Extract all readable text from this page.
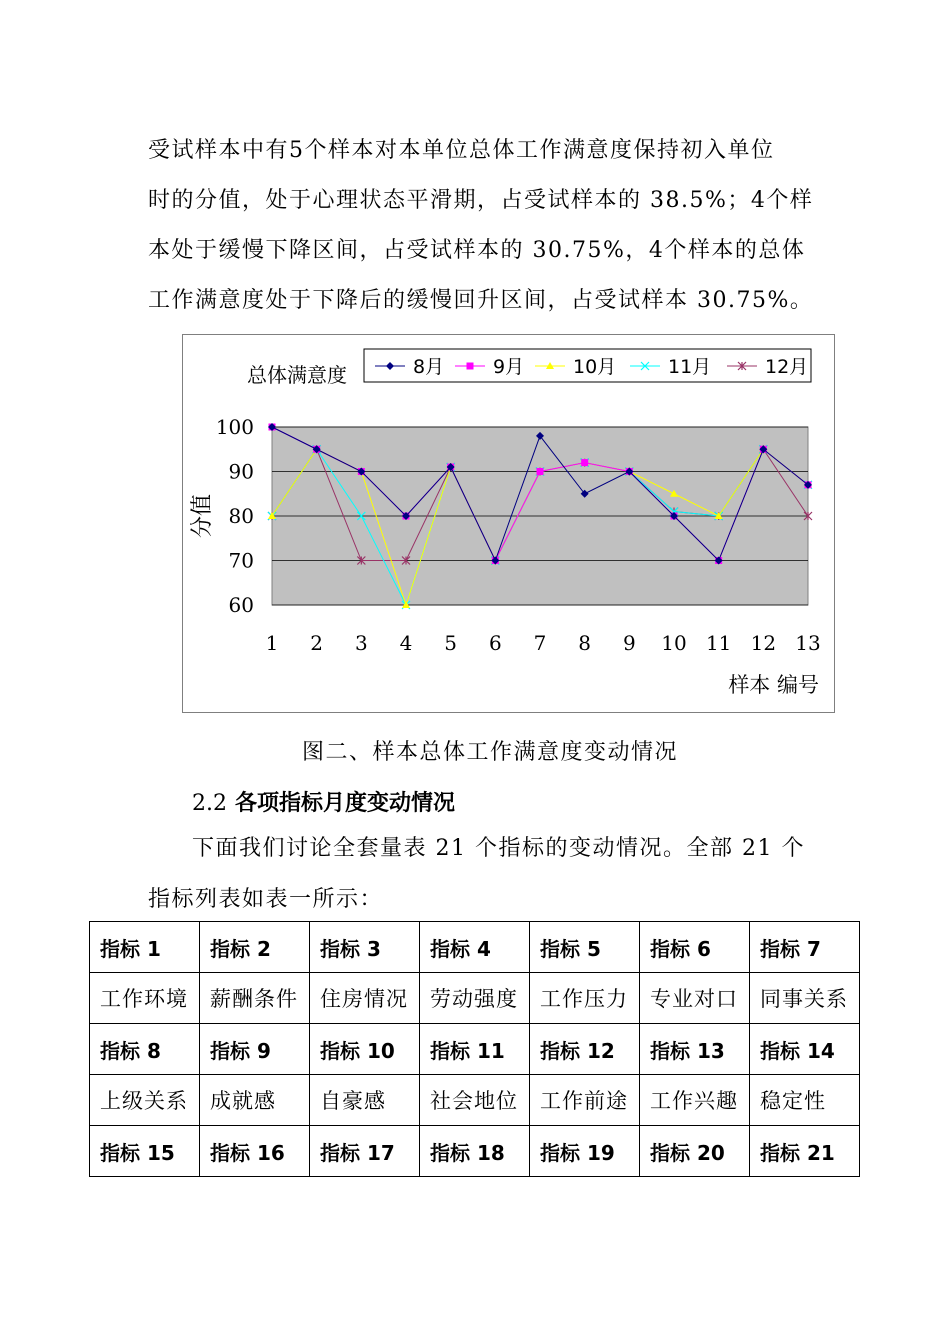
受试样本中有5个样本对本单位总体工作满意度保持初入单位
时的分值，处于心理状态平滑期，占受试样本的 38.5%；4个样
本处于缓慢下降区间，占受试样本的 30.75%，4个样本的总体
工作满意度处于下降后的缓慢回升区间，占受试样本 30.75%。
100
90
80
70
60
1 2 3 4 5 6 7 8 9 10 11 12 13
分值
样本 编号
总体满意度	8月	9月	10月	11月	12月
图二、样本总体工作满意度变动情况
2.2 各项指标月度变动情况
下面我们讨论全套量表 21 个指标的变动情况。全部 21 个
指标列表如表一所示：
指标 1	指标 2	指标 3	指标 4	指标 5	指标 6	指标 7
工作环境	薪酬条件	住房情况	劳动强度	工作压力	专业对口	同事关系
指标 8	指标 9	指标 10	指标 11	指标 12	指标 13	指标 14
上级关系	成就感	自豪感	社会地位	工作前途	工作兴趣	稳定性
指标 15	指标 16	指标 17	指标 18	指标 19	指标 20	指标 21
